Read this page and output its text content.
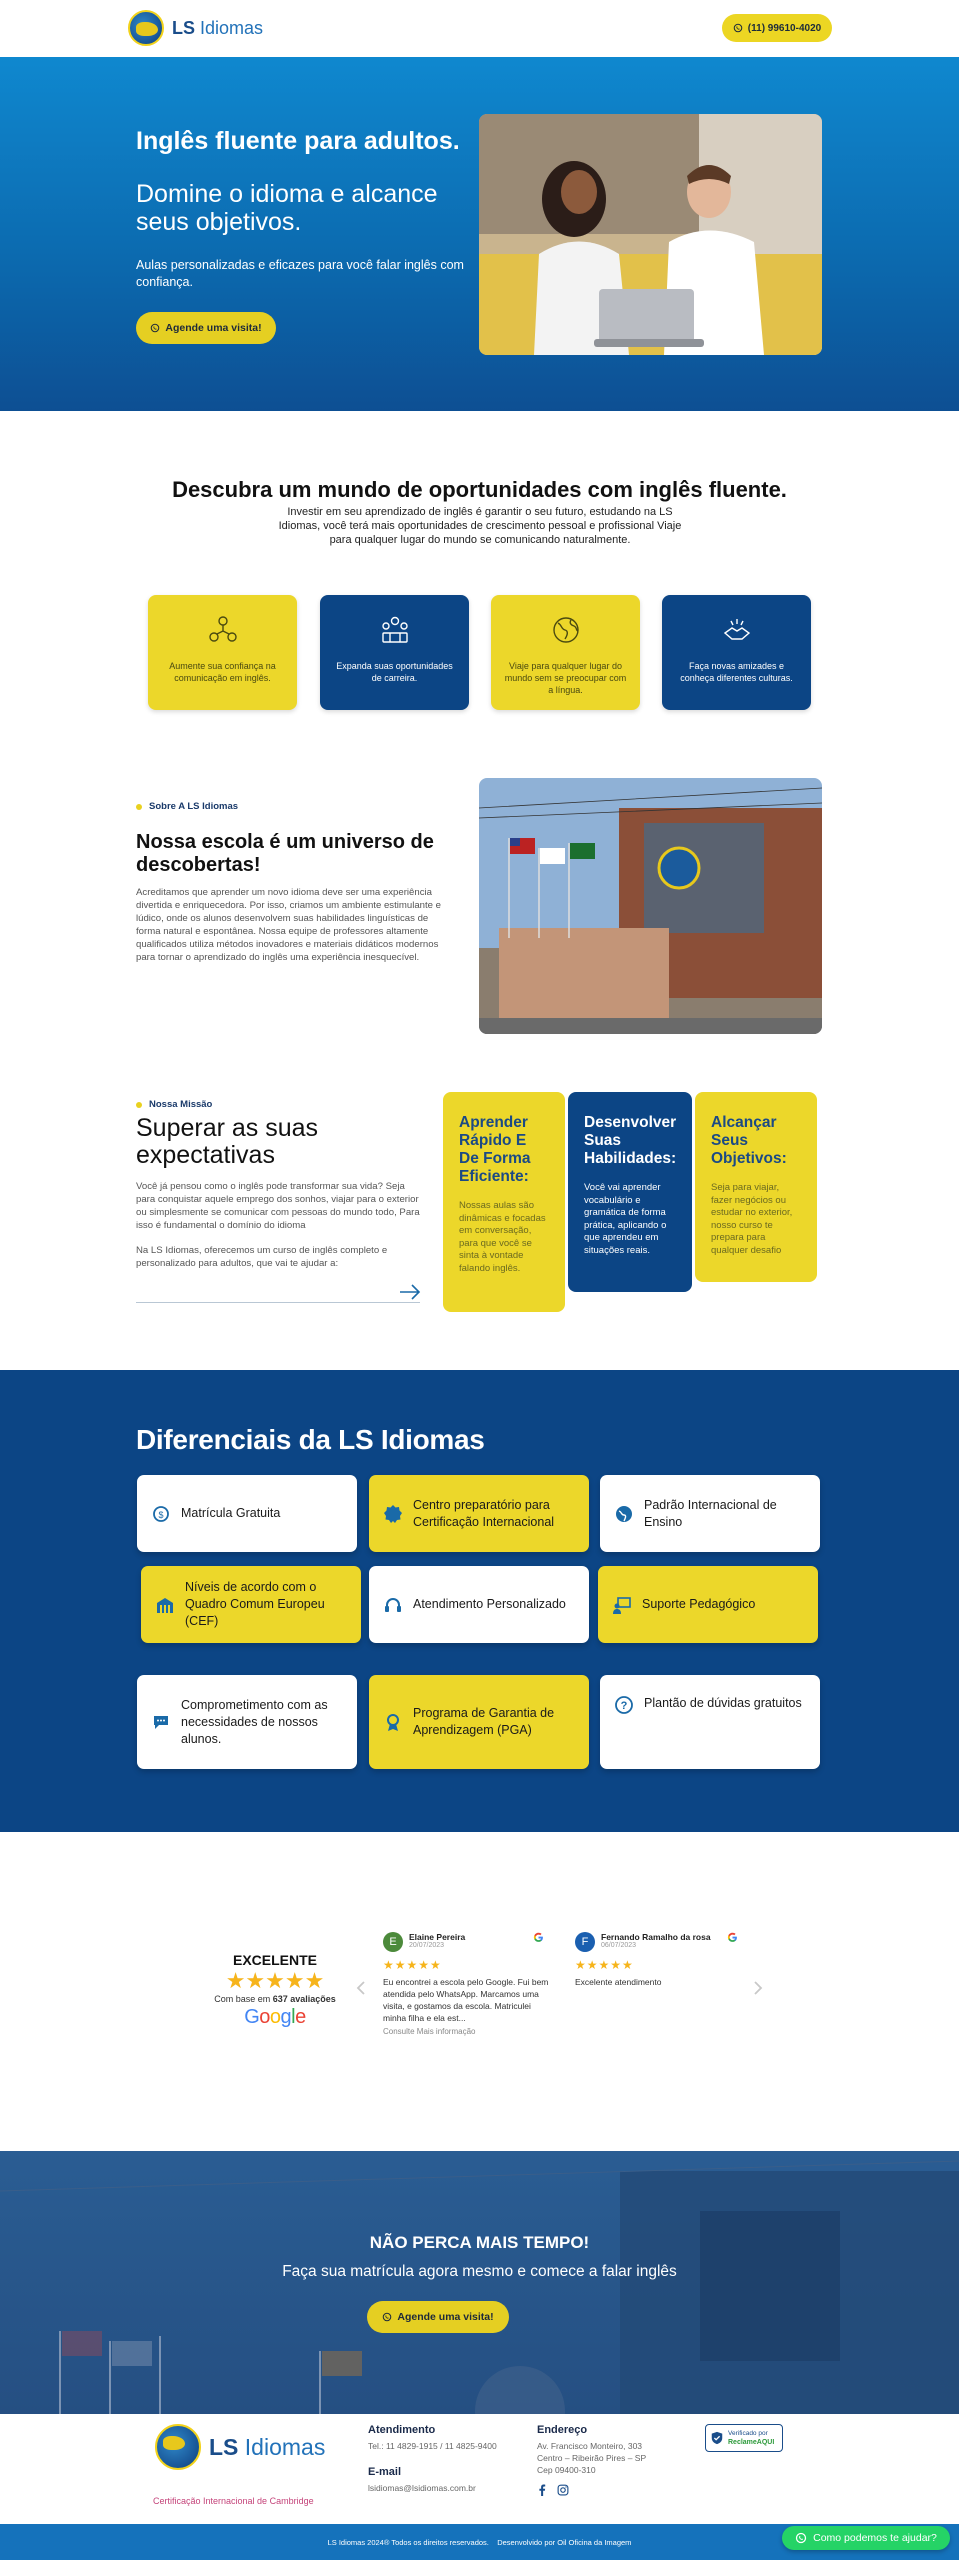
LS Idiomas	(11) 99610-4020
Inglês fluente para adultos.
Domine o idioma e alcance seus objetivos.

Aulas personalizadas e eficazes para você falar inglês com confiança.

Agende uma visita!
Descubra um mundo de oportunidades com inglês fluente.
Investir em seu aprendizado de inglês é garantir o seu futuro, estudando na LS Idiomas, você terá mais oportunidades de crescimento pessoal e profissional Viaje para qualquer lugar do mundo se comunicando naturalmente.
Aumente sua confiança na comunicação em inglês.
Expanda suas oportunidades de carreira.
Viaje para qualquer lugar do mundo sem se preocupar com a língua.
Faça novas amizades e conheça diferentes culturas.
Sobre A LS Idiomas
Nossa escola é um universo de descobertas!
Acreditamos que aprender um novo idioma deve ser uma experiência divertida e enriquecedora. Por isso, criamos um ambiente estimulante e lúdico, onde os alunos desenvolvem suas habilidades linguísticas de forma natural e espontânea. Nossa equipe de professores altamente qualificados utiliza métodos inovadores e materiais didáticos modernos para tornar o aprendizado do inglês uma experiência inesquecível.
Nossa Missão
Superar as suas expectativas
Você já pensou como o inglês pode transformar sua vida? Seja para conquistar aquele emprego dos sonhos, viajar para o exterior ou simplesmente se comunicar com pessoas do mundo todo, Para isso é fundamental o domínio do idioma
Na LS Idiomas, oferecemos um curso de inglês completo e personalizado para adultos, que vai te ajudar a:
Aprender Rápido E De Forma Eficiente:

Nossas aulas são dinâmicas e focadas em conversação, para que você se sinta à vontade falando inglês.

Desenvolver Suas Habilidades:

Você vai aprender vocabulário e gramática de forma prática, aplicando o que aprendeu em situações reais.

Alcançar Seus Objetivos:

Seja para viajar, fazer negócios ou estudar no exterior, nosso curso te prepara para qualquer desafio

Diferenciais da LS Idiomas
$ Matrícula Gratuita
Centro preparatório para Certificação Internacional
Padrão Internacional de Ensino
Níveis de acordo com o Quadro Comum Europeu (CEF)
Atendimento Personalizado	Suporte Pedagógico
Comprometimento com as necessidades de nossos alunos.
Programa de Garantia de Aprendizagem (PGA)
? Plantão de dúvidas gratuitos
EXCELENTE
★★★★★
Com base em 637 avaliações
Google
E	Elaine Pereira
20/07/2023
★★★★★
Eu encontrei a escola pelo Google. Fui bem atendida pelo WhatsApp. Marcamos uma visita, e gostamos da escola. Matriculei minha filha e ela est...
Consulte Mais informação
F	Fernando Ramalho da rosa
06/07/2023
★★★★★
Excelente atendimento
NÃO PERCA MAIS TEMPO!

Faça sua matrícula agora mesmo e comece a falar inglês

Agende uma visita!
LS Idiomas
Certificação Internacional de Cambridge
Atendimento
Tel.: 11 4829-1915 / 11 4825-9400
E-mail
lsidiomas@lsidiomas.com.br
Endereço
Av. Francisco Monteiro, 303
Centro – Ribeirão Pires – SP
Cep 09400-310
Verificado por
ReclameAQUI
LS Idiomas 2024® Todos os direitos reservados.    Desenvolvido por Oil Oficina da Imagem	Como podemos te ajudar?
